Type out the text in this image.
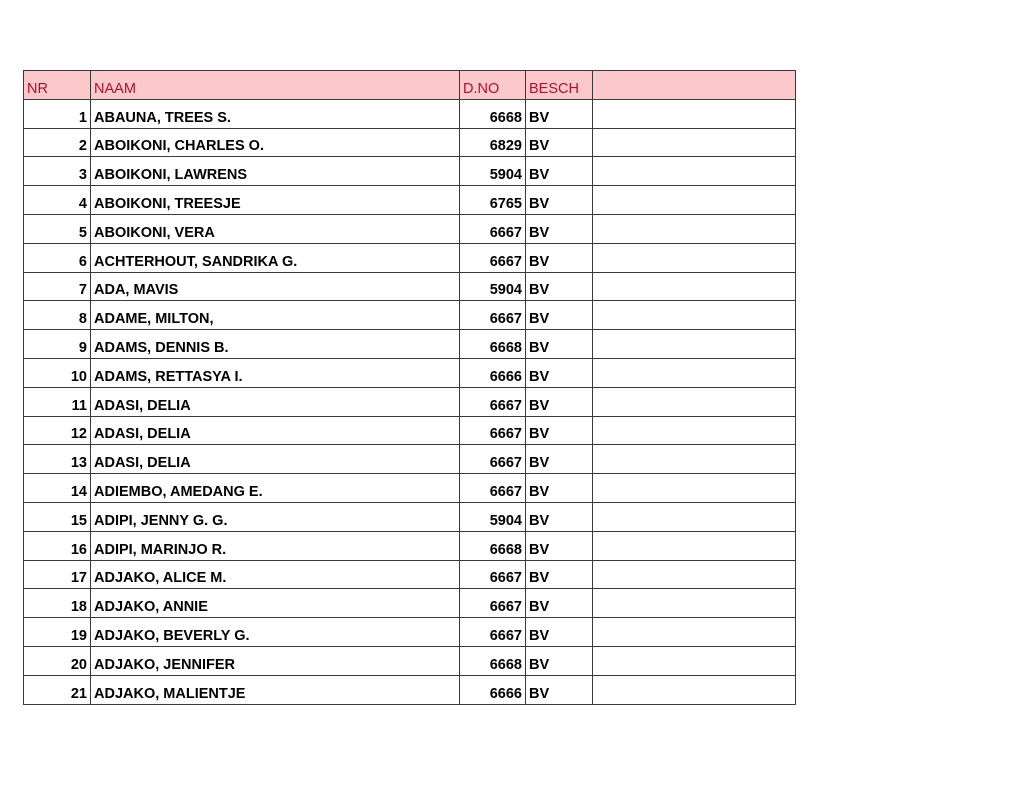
NR	NAAM	D.NO	BESCH	
1	ABAUNA, TREES S.	6668	BV	
2	ABOIKONI, CHARLES O.	6829	BV	
3	ABOIKONI, LAWRENS	5904	BV	
4	ABOIKONI, TREESJE	6765	BV	
5	ABOIKONI, VERA	6667	BV	
6	ACHTERHOUT, SANDRIKA G.	6667	BV	
7	ADA, MAVIS	5904	BV	
8	ADAME, MILTON,	6667	BV	
9	ADAMS, DENNIS B.	6668	BV	
10	ADAMS, RETTASYA I.	6666	BV	
11	ADASI, DELIA	6667	BV	
12	ADASI, DELIA	6667	BV	
13	ADASI, DELIA	6667	BV	
14	ADIEMBO, AMEDANG E.	6667	BV	
15	ADIPI, JENNY G. G.	5904	BV	
16	ADIPI, MARINJO R.	6668	BV	
17	ADJAKO, ALICE M.	6667	BV	
18	ADJAKO, ANNIE	6667	BV	
19	ADJAKO, BEVERLY G.	6667	BV	
20	ADJAKO, JENNIFER	6668	BV	
21	ADJAKO, MALIENTJE	6666	BV	
